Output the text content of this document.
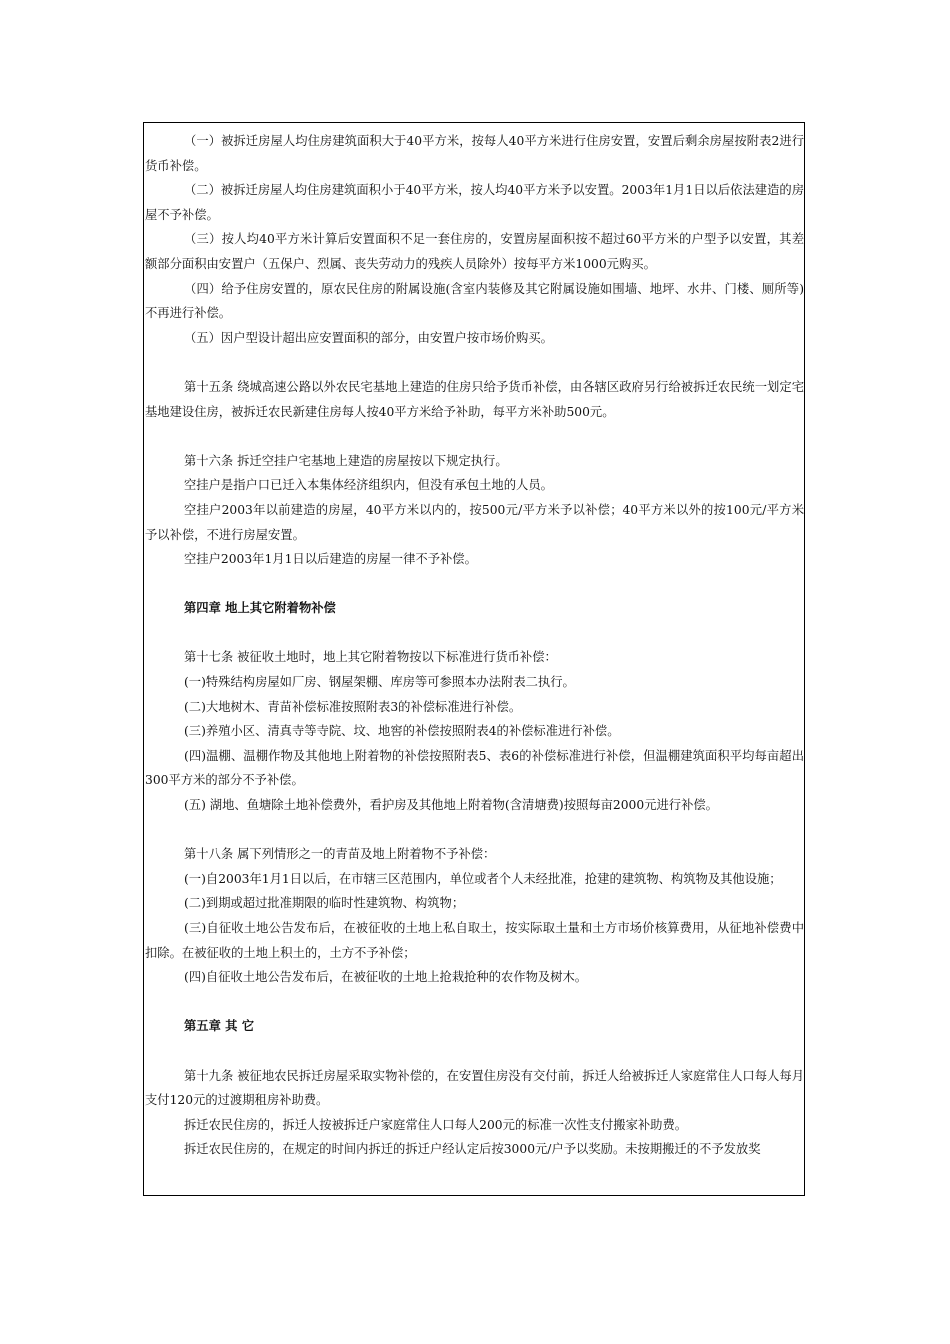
（一）被拆迁房屋人均住房建筑面积大于40平方米，按每人40平方米进行住房安置，安置后剩余房屋按附表2进行货币补偿。

（二）被拆迁房屋人均住房建筑面积小于40平方米，按人均40平方米予以安置。2003年1月1日以后依法建造的房屋不予补偿。

（三）按人均40平方米计算后安置面积不足一套住房的，安置房屋面积按不超过60平方米的户型予以安置，其差额部分面积由安置户（五保户、烈属、丧失劳动力的残疾人员除外）按每平方米1000元购买。

（四）给予住房安置的，原农民住房的附属设施(含室内装修及其它附属设施如围墙、地坪、水井、门楼、厕所等)不再进行补偿。

（五）因户型设计超出应安置面积的部分，由安置户按市场价购买。

第十五条 绕城高速公路以外农民宅基地上建造的住房只给予货币补偿，由各辖区政府另行给被拆迁农民统一划定宅基地建设住房，被拆迁农民新建住房每人按40平方米给予补助，每平方米补助500元。

第十六条 拆迁空挂户宅基地上建造的房屋按以下规定执行。

空挂户是指户口已迁入本集体经济组织内，但没有承包土地的人员。

空挂户2003年以前建造的房屋，40平方米以内的，按500元/平方米予以补偿；40平方米以外的按100元/平方米予以补偿，不进行房屋安置。

空挂户2003年1月1日以后建造的房屋一律不予补偿。

第四章 地上其它附着物补偿

第十七条 被征收土地时，地上其它附着物按以下标准进行货币补偿：

(一)特殊结构房屋如厂房、钢屋架棚、库房等可参照本办法附表二执行。

(二)大地树木、青苗补偿标准按照附表3的补偿标准进行补偿。

(三)养殖小区、清真寺等寺院、坟、地窖的补偿按照附表4的补偿标准进行补偿。

(四)温棚、温棚作物及其他地上附着物的补偿按照附表5、表6的补偿标准进行补偿，但温棚建筑面积平均每亩超出300平方米的部分不予补偿。

(五) 湖地、鱼塘除土地补偿费外，看护房及其他地上附着物(含清塘费)按照每亩2000元进行补偿。

第十八条 属下列情形之一的青苗及地上附着物不予补偿：

(一)自2003年1月1日以后，在市辖三区范围内，单位或者个人未经批准，抢建的建筑物、构筑物及其他设施；

(二)到期或超过批准期限的临时性建筑物、构筑物；

(三)自征收土地公告发布后，在被征收的土地上私自取土，按实际取土量和土方市场价核算费用，从征地补偿费中扣除。在被征收的土地上积土的，土方不予补偿；

(四)自征收土地公告发布后，在被征收的土地上抢栽抢种的农作物及树木。

第五章 其 它

第十九条 被征地农民拆迁房屋采取实物补偿的，在安置住房没有交付前，拆迁人给被拆迁人家庭常住人口每人每月支付120元的过渡期租房补助费。

拆迁农民住房的，拆迁人按被拆迁户家庭常住人口每人200元的标准一次性支付搬家补助费。

拆迁农民住房的，在规定的时间内拆迁的拆迁户经认定后按3000元/户予以奖励。未按期搬迁的不予发放奖
